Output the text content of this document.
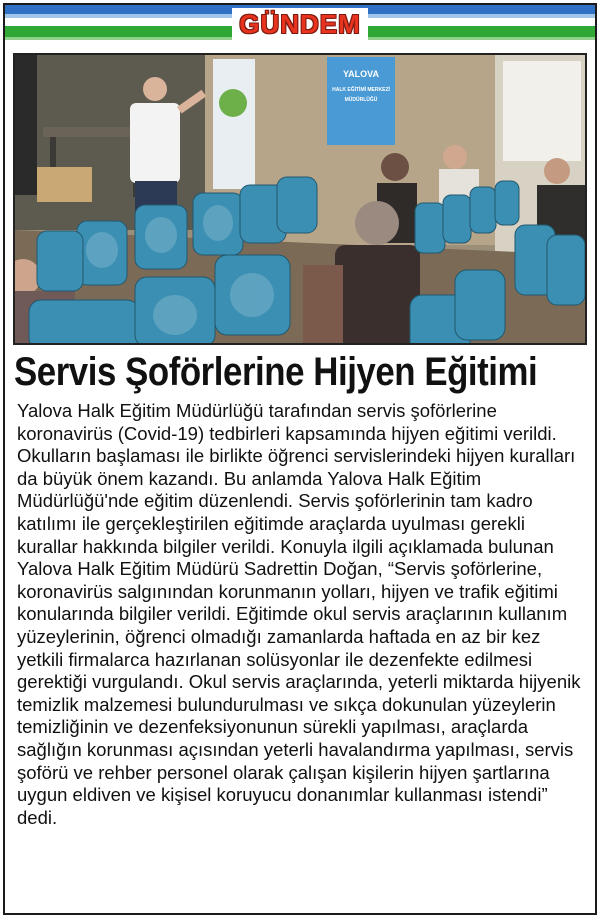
GÜNDEM
YALOVA
HALK EĞİTİMİ MERKEZİ
MÜDÜRLÜĞÜ
Servis Şoförlerine Hijyen Eğitimi

Yalova Halk Eğitim Müdürlüğü tarafından servis şoförlerine koronavirüs (Covid-19) tedbirleri kapsamında hijyen eğitimi verildi.

Okulların başlaması ile birlikte öğrenci servislerindeki hijyen kuralları da büyük önem kazandı. Bu anlamda Yalova Halk Eğitim Müdürlüğü'nde eğitim düzenlendi. Servis şoförlerinin tam kadro katılımı ile gerçekleştirilen eğitimde araçlarda uyulması gerekli kurallar hakkında bilgiler verildi. Konuyla ilgili açıklamada bulunan Yalova Halk Eğitim Müdürü Sadrettin Doğan, “Servis şoförlerine, koronavirüs salgınından korunmanın yolları, hijyen ve trafik eğitimi konularında bilgiler verildi. Eğitimde okul servis araçlarının kullanım yüzeylerinin, öğrenci olmadığı zamanlarda haftada en az bir kez yetkili firmalarca hazırlanan solüsyonlar ile dezenfekte edilmesi gerektiği vurgulandı. Okul servis araçlarında, yeterli miktarda hijyenik temizlik malzemesi bulundurulması ve sıkça dokunulan yüzeylerin temizliğinin ve dezenfeksiyonunun sürekli yapılması, araçlarda sağlığın korunması açısından yeterli havalandırma yapılması, servis şoförü ve rehber personel olarak çalışan kişilerin hijyen şartlarına uygun eldiven ve kişisel koruyucu donanımlar kullanması istendi” dedi.
